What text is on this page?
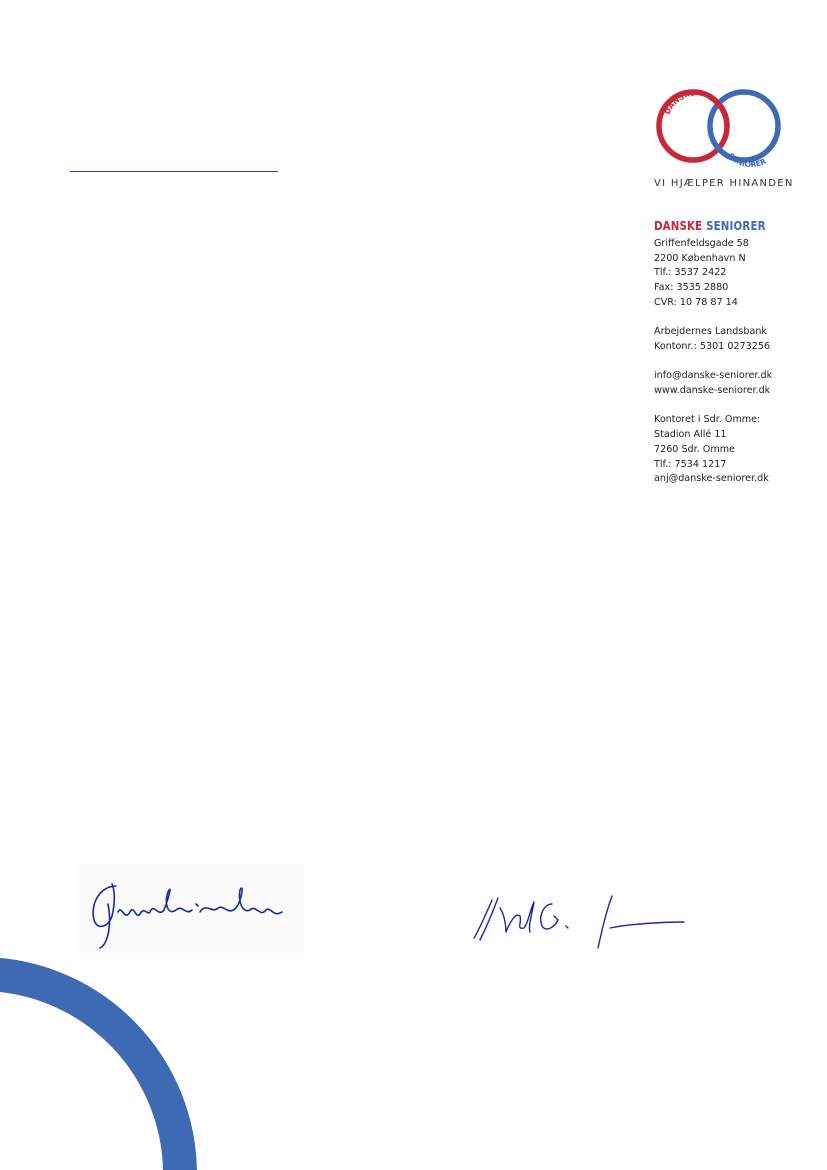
DANSKE
SENIORER
VI HJÆLPER HINANDEN
DANSKE SENIORER
Griffenfeldsgade 58
2200 København N
Tlf.: 3537 2422
Fax: 3535 2880
CVR: 10 78 87 14
Arbejdernes Landsbank
Kontonr.: 5301 0273256
info@danske-seniorer.dk
www.danske-seniorer.dk
Kontoret i Sdr. Omme:
Stadion Allé 11
7260 Sdr. Omme
Tlf.: 7534 1217
anj@danske-seniorer.dk
